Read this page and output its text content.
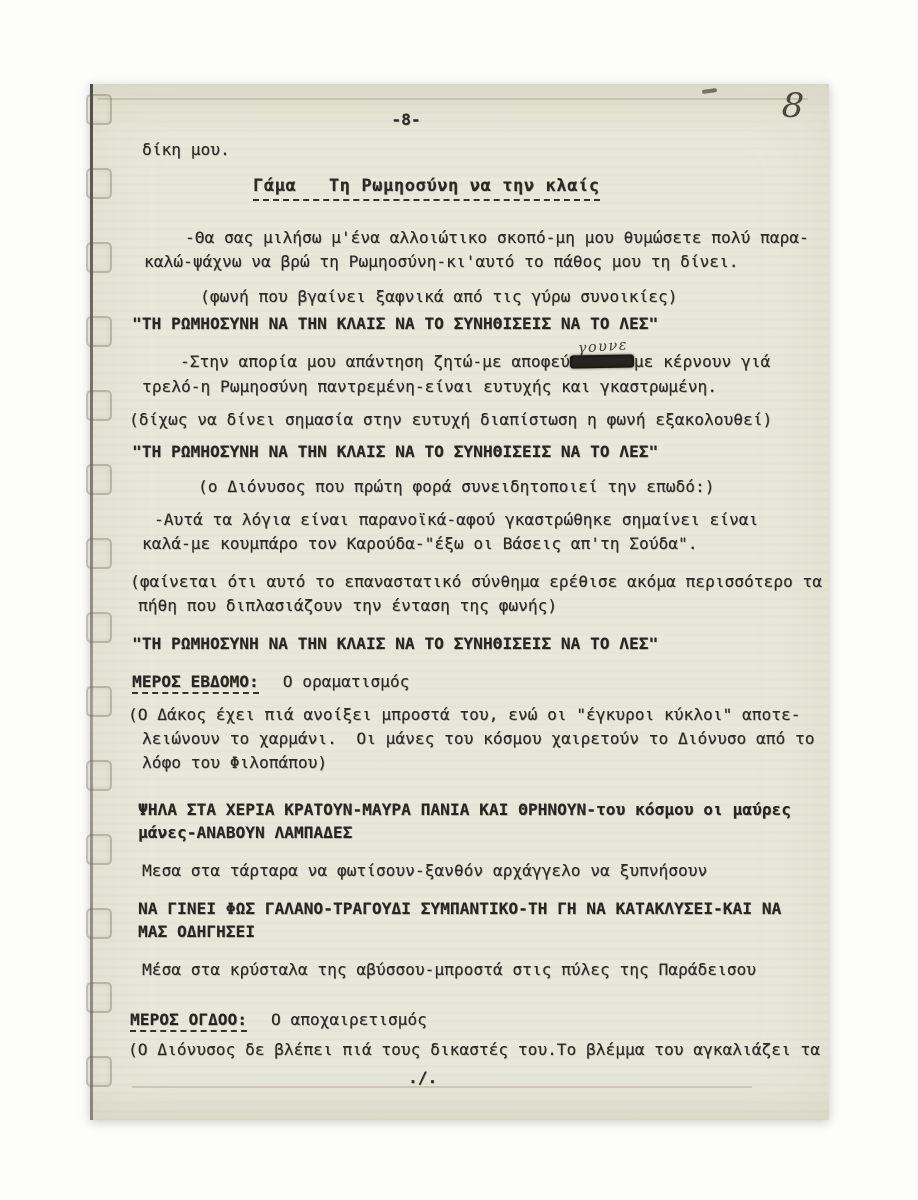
-8-	8
δίκη μου.
Γάμα   Τη Ρωμηοσύνη να την κλαίς
-Θα σας μιλήσω μ'ένα αλλοιώτικο σκοπό-μη μου θυμώσετε πολύ παρα-
καλώ-ψάχνω να βρώ τη Ρωμηοσύνη-κι'αυτό το πάθος μου τη δίνει.
(φωνή που βγαίνει ξαφνικά από τις γύρω συνοικίες)
"ΤΗ ΡΩΜΗΟΣΥΝΗ ΝΑ ΤΗΝ ΚΛΑΙΣ ΝΑ ΤΟ ΣΥΝΗΘΙΣΕΙΣ ΝΑ ΤΟ ΛΕΣ"
-Στην απορία μου απάντηση ζητώ-με αποφεύ
γουνε
με κέρνουν γιά
τρελό-η Ρωμηοσύνη παντρεμένη-είναι ευτυχής και γκαστρωμένη.
(δίχως να δίνει σημασία στην ευτυχή διαπίστωση η φωνή εξακολουθεί)
"ΤΗ ΡΩΜΗΟΣΥΝΗ ΝΑ ΤΗΝ ΚΛΑΙΣ ΝΑ ΤΟ ΣΥΝΗΘΙΣΕΙΣ ΝΑ ΤΟ ΛΕΣ"
(ο Διόνυσος που πρώτη φορά συνειδητοποιεί την επωδό:)
-Αυτά τα λόγια είναι παρανοϊκά-αφού γκαστρώθηκε σημαίνει είναι
καλά-με κουμπάρο τον Καρούδα-"έξω οι Βάσεις απ'τη Σούδα".
(φαίνεται ότι αυτό το επαναστατικό σύνθημα ερέθισε ακόμα περισσότερο τα
πήθη που διπλασιάζουν την ένταση της φωνής)
"ΤΗ ΡΩΜΗΟΣΥΝΗ ΝΑ ΤΗΝ ΚΛΑΙΣ ΝΑ ΤΟ ΣΥΝΗΘΙΣΕΙΣ ΝΑ ΤΟ ΛΕΣ"
ΜΕΡΟΣ ΕΒΔΟΜΟ: Ο οραματισμός
(Ο Δάκος έχει πιά ανοίξει μπροστά του, ενώ οι "έγκυροι κύκλοι" αποτε-
λειώνουν το χαρμάνι.  Οι μάνες του κόσμου χαιρετούν το Διόνυσο από το
λόφο του Φιλοπάπου)
ΨΗΛΑ ΣΤΑ ΧΕΡΙΑ ΚΡΑΤΟΥΝ-ΜΑΥΡΑ ΠΑΝΙΑ ΚΑΙ ΘΡΗΝΟΥΝ-του κόσμου οι μαύρες
μάνες-ΑΝΑΒΟΥΝ ΛΑΜΠΑΔΕΣ
Μεσα στα τάρταρα να φωτίσουν-ξανθόν αρχάγγελο να ξυπνήσουν
ΝΑ ΓΙΝΕΙ ΦΩΣ ΓΑΛΑΝΟ-ΤΡΑΓΟΥΔΙ ΣΥΜΠΑΝΤΙΚΟ-ΤΗ ΓΗ ΝΑ ΚΑΤΑΚΛΥΣΕΙ-ΚΑΙ ΝΑ
ΜΑΣ ΟΔΗΓΗΣΕΙ
Μέσα στα κρύσταλα της αβύσσου-μπροστά στις πύλες της Παράδεισου
ΜΕΡΟΣ ΟΓΔΟΟ: Ο αποχαιρετισμός
(Ο Διόνυσος δε βλέπει πιά τους δικαστές του.Το βλέμμα του αγκαλιάζει τα
./.
